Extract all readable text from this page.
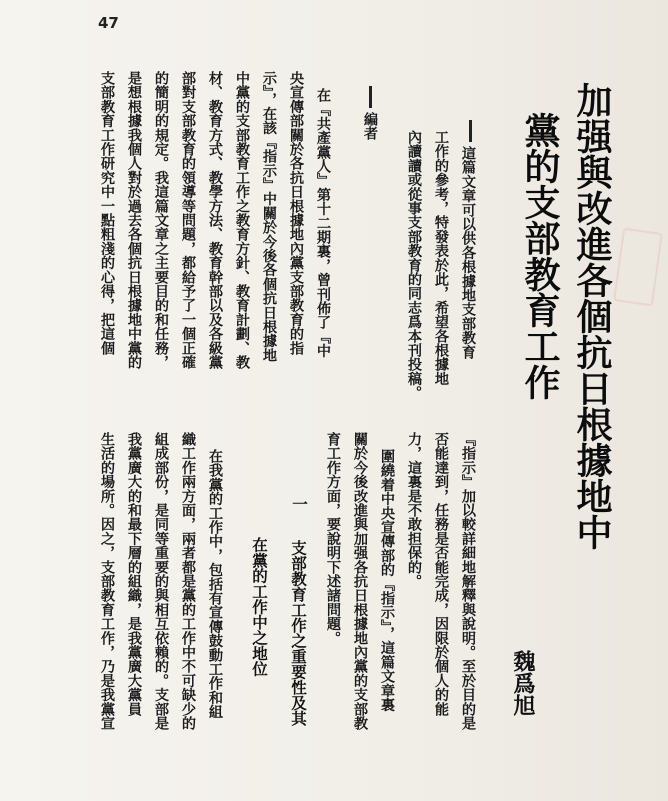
47
加强與改進各個抗日根據地中
黨的支部教育工作
魏爲旭
這篇文章可以供各根據地支部教育
工作的參考，特發表於此，希望各根據地
內讀讀或從事支部教育的同志爲本刊投稿。
編者
在『共產黨人』第十二期裏，曾刊佈了『中
央宣傳部關於各抗日根據地內黨支部教育的指
示』，在該『指示』中關於今後各個抗日根據地
中黨的支部教育工作之教育方針、教育計劃、教
材、教育方式、教學方法、教育幹部以及各級黨
部對支部教育的領導等問題，都給予了一個正確
的簡明的規定。我這篇文章之主要目的和任務，
是想根據我個人對於過去各個抗日根據地中黨的
支部教育工作研究中一點粗淺的心得，把這個
『指示』加以較詳細地解釋與說明。至於目的是
否能達到，任務是否能完成，因限於個人的能
力，這裏是不敢担保的。
圍繞着中央宣傳部的『指示』，這篇文章裏
關於今後改進與加强各抗日根據地內黨的支部教
育工作方面，要說明下述諸問題。
一
支部教育工作之重要性及其
在黨的工作中之地位
在我黨的工作中，包括有宣傳鼓動工作和組
織工作兩方面，兩者都是黨的工作中不可缺少的
組成部份，是同等重要的與相互依賴的。支部是
我黨廣大的和最下層的組織，是我黨廣大黨員
生活的場所。因之，支部教育工作，乃是我黨宣
